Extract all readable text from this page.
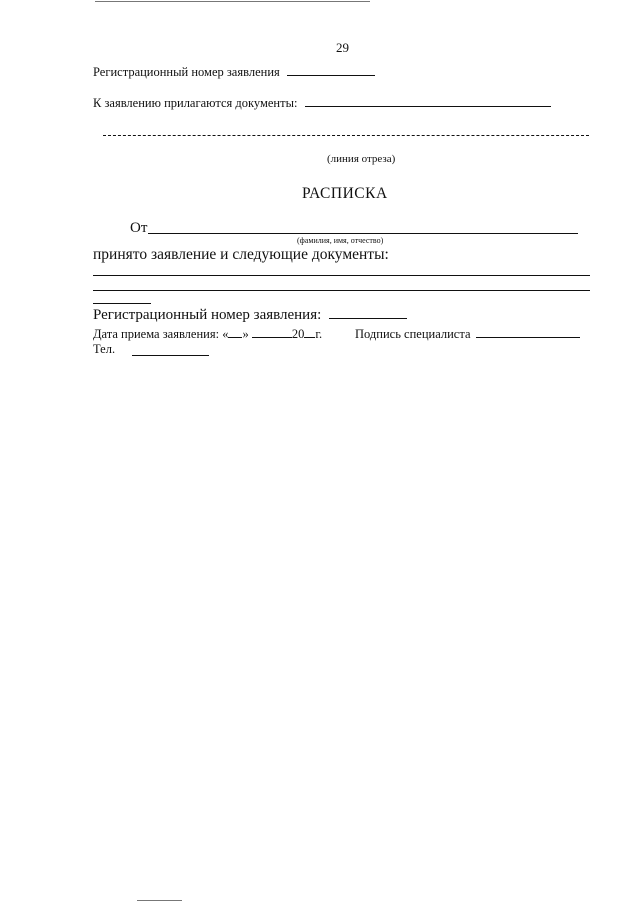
29
Регистрационный номер заявления
К заявлению прилагаются документы:
(линия отреза)
РАСПИСКА
От
(фамилия, имя, отчество)
принято заявление и следующие документы:
Регистрационный номер заявления:
Дата приема заявления: « »	20 г.	Подпись специалиста
Тел.
